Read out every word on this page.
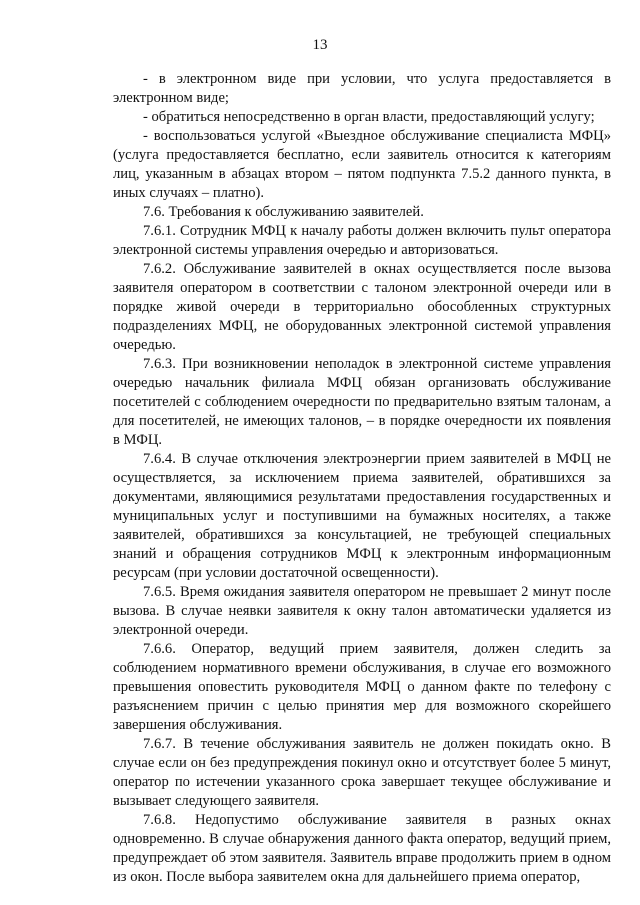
13

- в электронном виде при условии, что услуга предоставляется в электронном виде;

- обратиться непосредственно в орган власти, предоставляющий услугу;

- воспользоваться услугой «Выездное обслуживание специалиста МФЦ» (услуга предоставляется бесплатно, если заявитель относится к категориям лиц, указанным в абзацах втором – пятом подпункта 7.5.2 данного пункта, в иных случаях – платно).

7.6. Требования к обслуживанию заявителей.

7.6.1. Сотрудник МФЦ к началу работы должен включить пульт оператора электронной системы управления очередью и авторизоваться.

7.6.2. Обслуживание заявителей в окнах осуществляется после вызова заявителя оператором в соответствии с талоном электронной очереди или в порядке живой очереди в территориально обособленных структурных подразделениях МФЦ, не оборудованных электронной системой управления очередью.

7.6.3. При возникновении неполадок в электронной системе управления очередью начальник филиала МФЦ обязан организовать обслуживание посетителей с соблюдением очередности по предварительно взятым талонам, а для посетителей, не имеющих талонов, – в порядке очередности их появления в МФЦ.

7.6.4. В случае отключения электроэнергии прием заявителей в МФЦ не осуществляется, за исключением приема заявителей, обратившихся за документами, являющимися результатами предоставления государственных и муниципальных услуг и поступившими на бумажных носителях, а также заявителей, обратившихся за консультацией, не требующей специальных знаний и обращения сотрудников МФЦ к электронным информационным ресурсам (при условии достаточной освещенности).

7.6.5. Время ожидания заявителя оператором не превышает 2 минут после вызова. В случае неявки заявителя к окну талон автоматически удаляется из электронной очереди.

7.6.6. Оператор, ведущий прием заявителя, должен следить за соблюдением нормативного времени обслуживания, в случае его возможного превышения оповестить руководителя МФЦ о данном факте по телефону с разъяснением причин с целью принятия мер для возможного скорейшего завершения обслуживания.

7.6.7. В течение обслуживания заявитель не должен покидать окно. В случае если он без предупреждения покинул окно и отсутствует более 5 минут, оператор по истечении указанного срока завершает текущее обслуживание и вызывает следующего заявителя.

7.6.8. Недопустимо обслуживание заявителя в разных окнах одновременно. В случае обнаружения данного факта оператор, ведущий прием, предупреждает об этом заявителя. Заявитель вправе продолжить прием в одном из окон. После выбора заявителем окна для дальнейшего приема оператор,
